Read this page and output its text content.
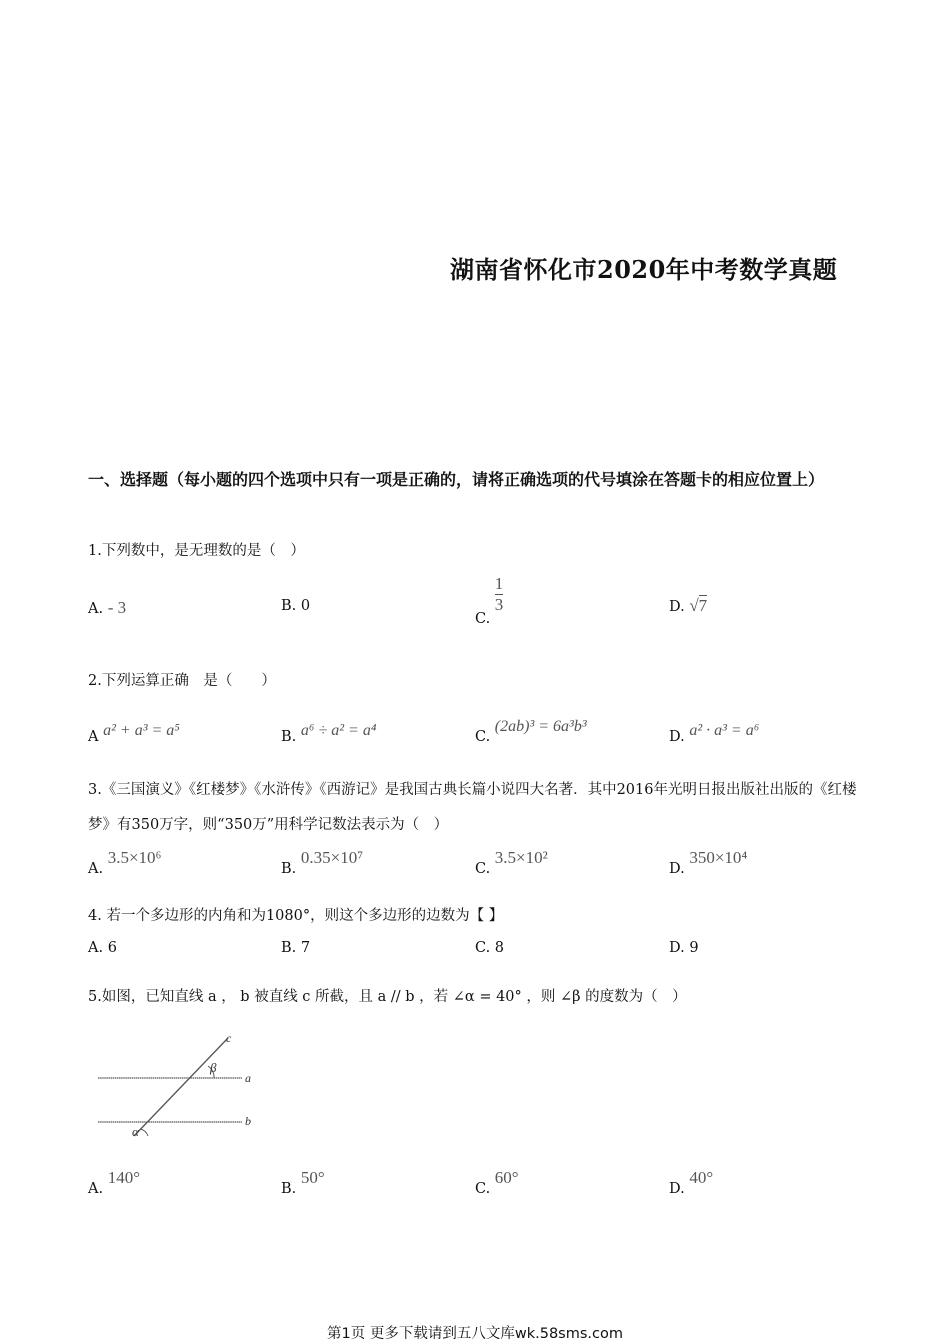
湖南省怀化市2020年中考数学真题
一、选择题（每小题的四个选项中只有一项是正确的，请将正确选项的代号填涂在答题卡的相应位置上）
1.下列数中，是无理数的是（　）
A. - 3	B. 0
C.
$\frac{1}{3}$	D. √7
2.下列运算正确　是（　　）
A a² + a³ = a⁵	B. a⁶ ÷ a² = a⁴	C. (2ab)³ = 6a³b³
D. a² · a³ = a⁶
3.《三国演义》《红楼梦》《水浒传》《西游记》是我国古典长篇小说四大名著．其中2016年光明日报出版社出版的《红楼梦》有350万字，则“350万”用科学记数法表示为（　）
A. 3.5×10⁶
B. 0.35×10⁷
C. 3.5×10²
D. 350×10⁴
4. 若一个多边形的内角和为1080°，则这个多边形的边数为【 】
A. 6	B. 7	C. 8	D. 9
5.如图，已知直线 a ， b 被直线 c 所截，且 a // b ，若 ∠α = 40° ，则 ∠β 的度数为（　）
c
β
a
α
b
A. 140°
B. 50°
C. 60°
D. 40°
第1页 更多下载请到五八文库wk.58sms.com
